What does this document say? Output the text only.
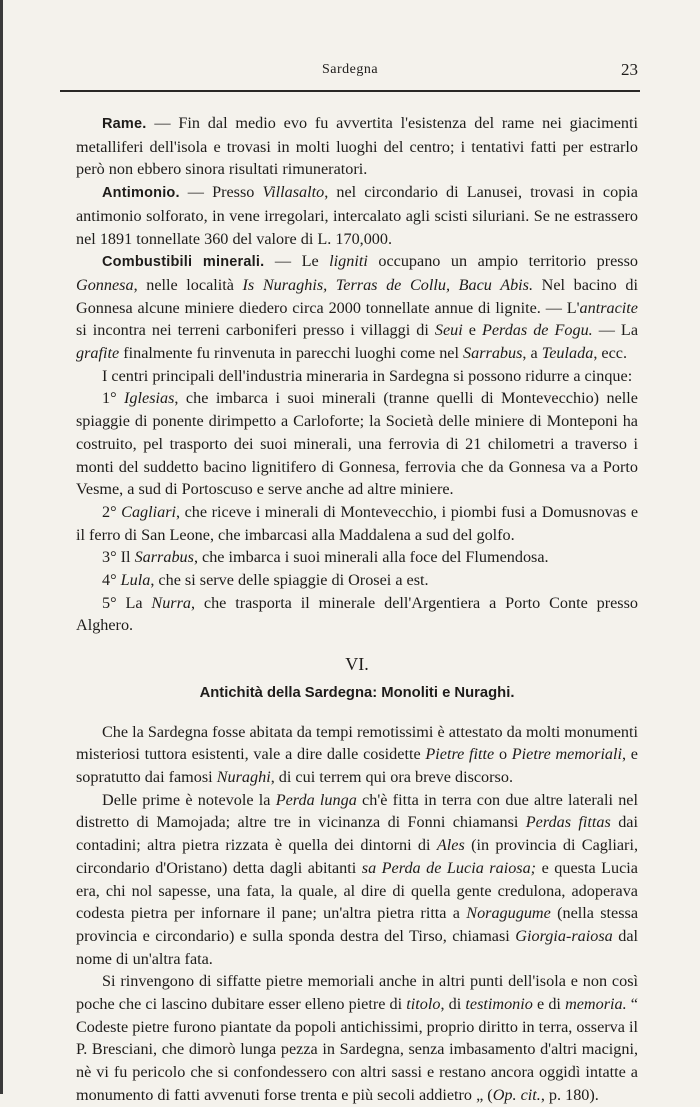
Sardegna	23

Rame. — Fin dal medio evo fu avvertita l'esistenza del rame nei giacimenti metalliferi dell'isola e trovasi in molti luoghi del centro; i tentativi fatti per estrarlo però non ebbero sinora risultati rimuneratori.

Antimonio. — Presso Villasalto, nel circondario di Lanusei, trovasi in copia antimonio solforato, in vene irregolari, intercalato agli scisti siluriani. Se ne estrassero nel 1891 tonnellate 360 del valore di L. 170,000.

Combustibili minerali. — Le ligniti occupano un ampio territorio presso Gonnesa, nelle località Is Nuraghis, Terras de Collu, Bacu Abis. Nel bacino di Gonnesa alcune miniere diedero circa 2000 tonnellate annue di lignite. — L'antracite si incontra nei terreni carboniferi presso i villaggi di Seui e Perdas de Fogu. — La grafite finalmente fu rinvenuta in parecchi luoghi come nel Sarrabus, a Teulada, ecc.

I centri principali dell'industria mineraria in Sardegna si possono ridurre a cinque:

1° Iglesias, che imbarca i suoi minerali (tranne quelli di Montevecchio) nelle spiaggie di ponente dirimpetto a Carloforte; la Società delle miniere di Monteponi ha costruito, pel trasporto dei suoi minerali, una ferrovia di 21 chilometri a traverso i monti del suddetto bacino lignitifero di Gonnesa, ferrovia che da Gonnesa va a Porto Vesme, a sud di Portoscuso e serve anche ad altre miniere.

2° Cagliari, che riceve i minerali di Montevecchio, i piombi fusi a Domusnovas e il ferro di San Leone, che imbarcasi alla Maddalena a sud del golfo.

3° Il Sarrabus, che imbarca i suoi minerali alla foce del Flumendosa.

4° Lula, che si serve delle spiaggie di Orosei a est.

5° La Nurra, che trasporta il minerale dell'Argentiera a Porto Conte presso Alghero.

VI.

Antichità della Sardegna: Monoliti e Nuraghi.

Che la Sardegna fosse abitata da tempi remotissimi è attestato da molti monumenti misteriosi tuttora esistenti, vale a dire dalle cosidette Pietre fitte o Pietre memoriali, e sopratutto dai famosi Nuraghi, di cui terrem qui ora breve discorso.

Delle prime è notevole la Perda lunga ch'è fitta in terra con due altre laterali nel distretto di Mamojada; altre tre in vicinanza di Fonni chiamansi Perdas fittas dai contadini; altra pietra rizzata è quella dei dintorni di Ales (in provincia di Cagliari, circondario d'Oristano) detta dagli abitanti sa Perda de Lucia raiosa; e questa Lucia era, chi nol sapesse, una fata, la quale, al dire di quella gente credulona, adoperava codesta pietra per infornare il pane; un'altra pietra ritta a Noragugume (nella stessa provincia e circondario) e sulla sponda destra del Tirso, chiamasi Giorgia-raiosa dal nome di un'altra fata.

Si rinvengono di siffatte pietre memoriali anche in altri punti dell'isola e non così poche che ci lascino dubitare esser elleno pietre di titolo, di testimonio e di memoria. “ Codeste pietre furono piantate da popoli antichissimi, proprio diritto in terra, osserva il P. Bresciani, che dimorò lunga pezza in Sardegna, senza imbasamento d'altri macigni, nè vi fu pericolo che si confondessero con altri sassi e restano ancora oggidì intatte a monumento di fatti avvenuti forse trenta e più secoli addietro „ (Op. cit., p. 180).
